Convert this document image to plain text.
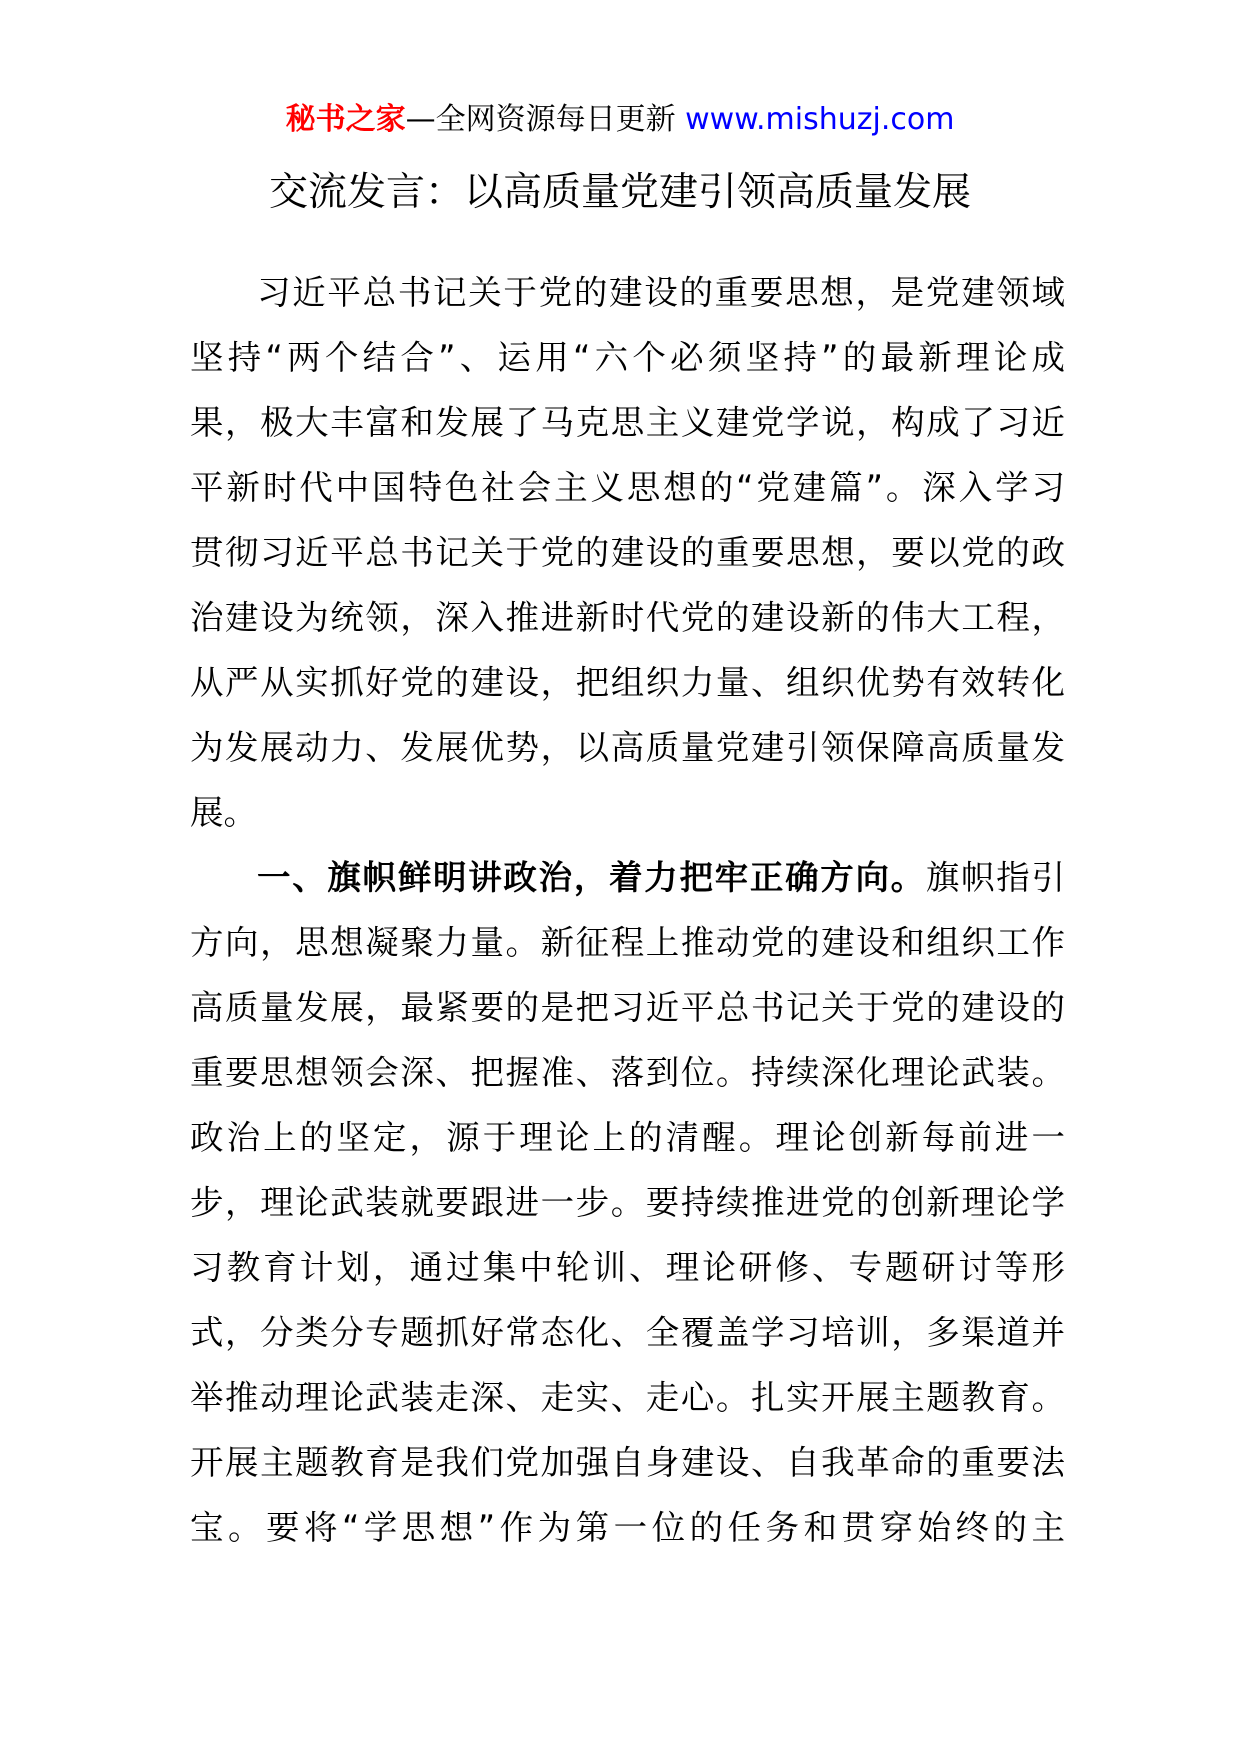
秘书之家—全网资源每日更新 www.mishuzj.com
交流发言：以高质量党建引领高质量发展
习近平总书记关于党的建设的重要思想，是党建领域
坚持“两个结合”、运用“六个必须坚持”的最新理论成
果，极大丰富和发展了马克思主义建党学说，构成了习近
平新时代中国特色社会主义思想的“党建篇”。深入学习
贯彻习近平总书记关于党的建设的重要思想，要以党的政
治建设为统领，深入推进新时代党的建设新的伟大工程，
从严从实抓好党的建设，把组织力量、组织优势有效转化
为发展动力、发展优势，以高质量党建引领保障高质量发
展。
一、旗帜鲜明讲政治，着力把牢正确方向。旗帜指引
方向，思想凝聚力量。新征程上推动党的建设和组织工作
高质量发展，最紧要的是把习近平总书记关于党的建设的
重要思想领会深、把握准、落到位。持续深化理论武装。
政治上的坚定，源于理论上的清醒。理论创新每前进一
步，理论武装就要跟进一步。要持续推进党的创新理论学
习教育计划，通过集中轮训、理论研修、专题研讨等形
式，分类分专题抓好常态化、全覆盖学习培训，多渠道并
举推动理论武装走深、走实、走心。扎实开展主题教育。
开展主题教育是我们党加强自身建设、自我革命的重要法
宝。要将“学思想”作为第一位的任务和贯穿始终的主
